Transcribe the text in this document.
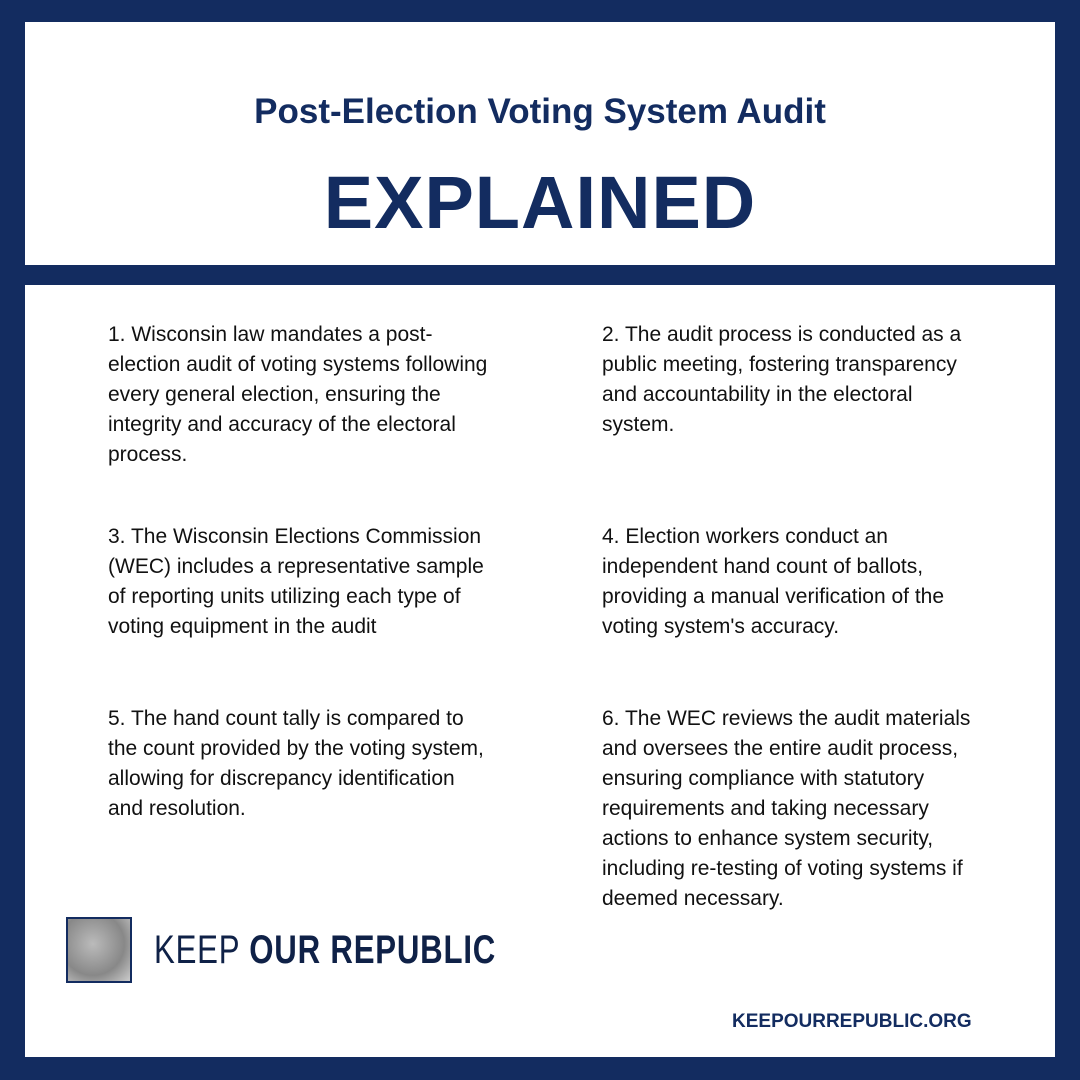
Post-Election Voting System Audit
EXPLAINED
1. Wisconsin law mandates a post-election audit of voting systems following every general election, ensuring the integrity and accuracy of the electoral process.
2. The audit process is conducted as a public meeting, fostering transparency and accountability in the electoral system.
3. The Wisconsin Elections Commission (WEC) includes a representative sample of reporting units utilizing each type of voting equipment in the audit
4. Election workers conduct an independent hand count of ballots, providing a manual verification of the voting system's accuracy.
5. The hand count tally is compared to the count provided by the voting system, allowing for discrepancy identification and resolution.
6. The WEC reviews the audit materials and oversees the entire audit process, ensuring compliance with statutory requirements and taking necessary actions to enhance system security, including re-testing of voting systems if deemed necessary.
KEEP OUR REPUBLIC
KEEPOURREPUBLIC.ORG
